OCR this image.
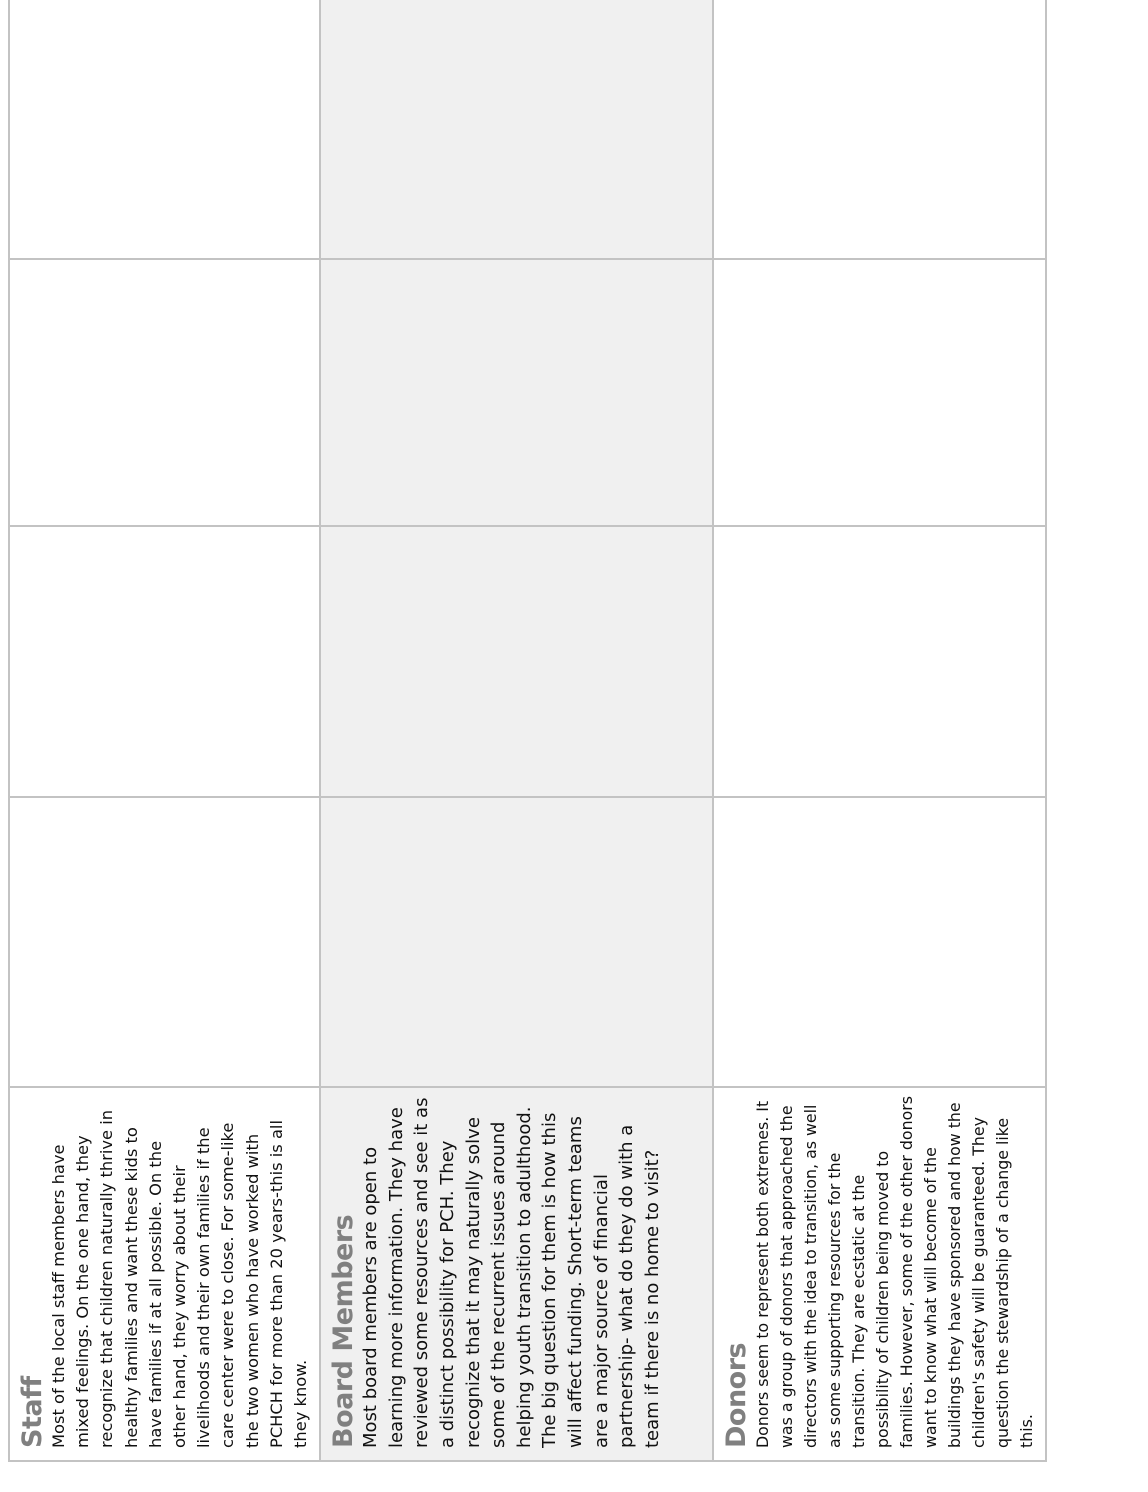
Staff Most of the local staff members have mixed feelings. On the one hand, they recognize that children naturally thrive in healthy families and want these kids to have families if at all possible. On the other hand, they worry about their livelihoods and their own families if the care center were to close. For some-like the two women who have worked with PCHCH for more than 20 years-this is all they know.				

Board Members Most board members are open to learning more information. They have reviewed some resources and see it as a distinct possibility for PCH. They recognize that it may naturally solve some of the recurrent issues around helping youth transition to adulthood. The big question for them is how this will affect funding. Short-term teams are a major source of financial partnership- what do they do with a team if there is no home to visit?				

Donors Donors seem to represent both extremes. It was a group of donors that approached the directors with the idea to transition, as well as some supporting resources for the transition. They are ecstatic at the possibility of children being moved to families. However, some of the other donors want to know what will become of the buildings they have sponsored and how the children's safety will be guaranteed. They question the stewardship of a change like this.				
